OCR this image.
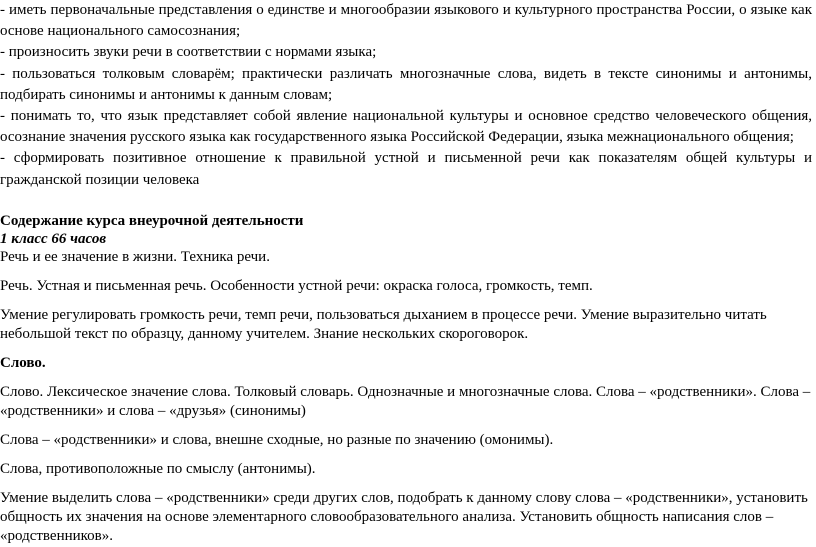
- иметь первоначальные представления о единстве и многообразии языкового и культурного пространства России, о языке как основе национального самосознания;

- произносить звуки речи в соответствии с нормами языка;

- пользоваться толковым словарём; практически различать многозначные слова, видеть в тексте синонимы и антонимы, подбирать синонимы и антонимы к данным словам;

- понимать то, что язык представляет собой явление национальной культуры и основное средство человеческого общения, осознание значения русского языка как государственного языка Российской Федерации, языка межнационального общения;

- сформировать позитивное отношение к правильной устной и письменной речи как показателям общей культуры и гражданской позиции человека

Содержание курса внеурочной деятельности

1 класс 66 часов

Речь и ее значение в жизни. Техника речи.

Речь. Устная и письменная речь. Особенности устной речи: окраска голоса, громкость, темп.

Умение регулировать громкость речи, темп речи, пользоваться дыханием в процессе речи. Умение выразительно читать небольшой текст по образцу, данному учителем. Знание нескольких скороговорок.

Слово.

Слово. Лексическое значение слова. Толковый словарь. Однозначные и многозначные слова. Слова – «родственники». Слова – «родственники» и слова – «друзья» (синонимы)

Слова – «родственники» и слова, внешне сходные, но разные по значению (омонимы).

Слова, противоположные по смыслу (антонимы).

Умение выделить слова – «родственники» среди других слов, подобрать к данному слову слова – «родственники», установить общность их значения на основе элементарного словообразовательного анализа. Установить общность написания слов – «родственников».
